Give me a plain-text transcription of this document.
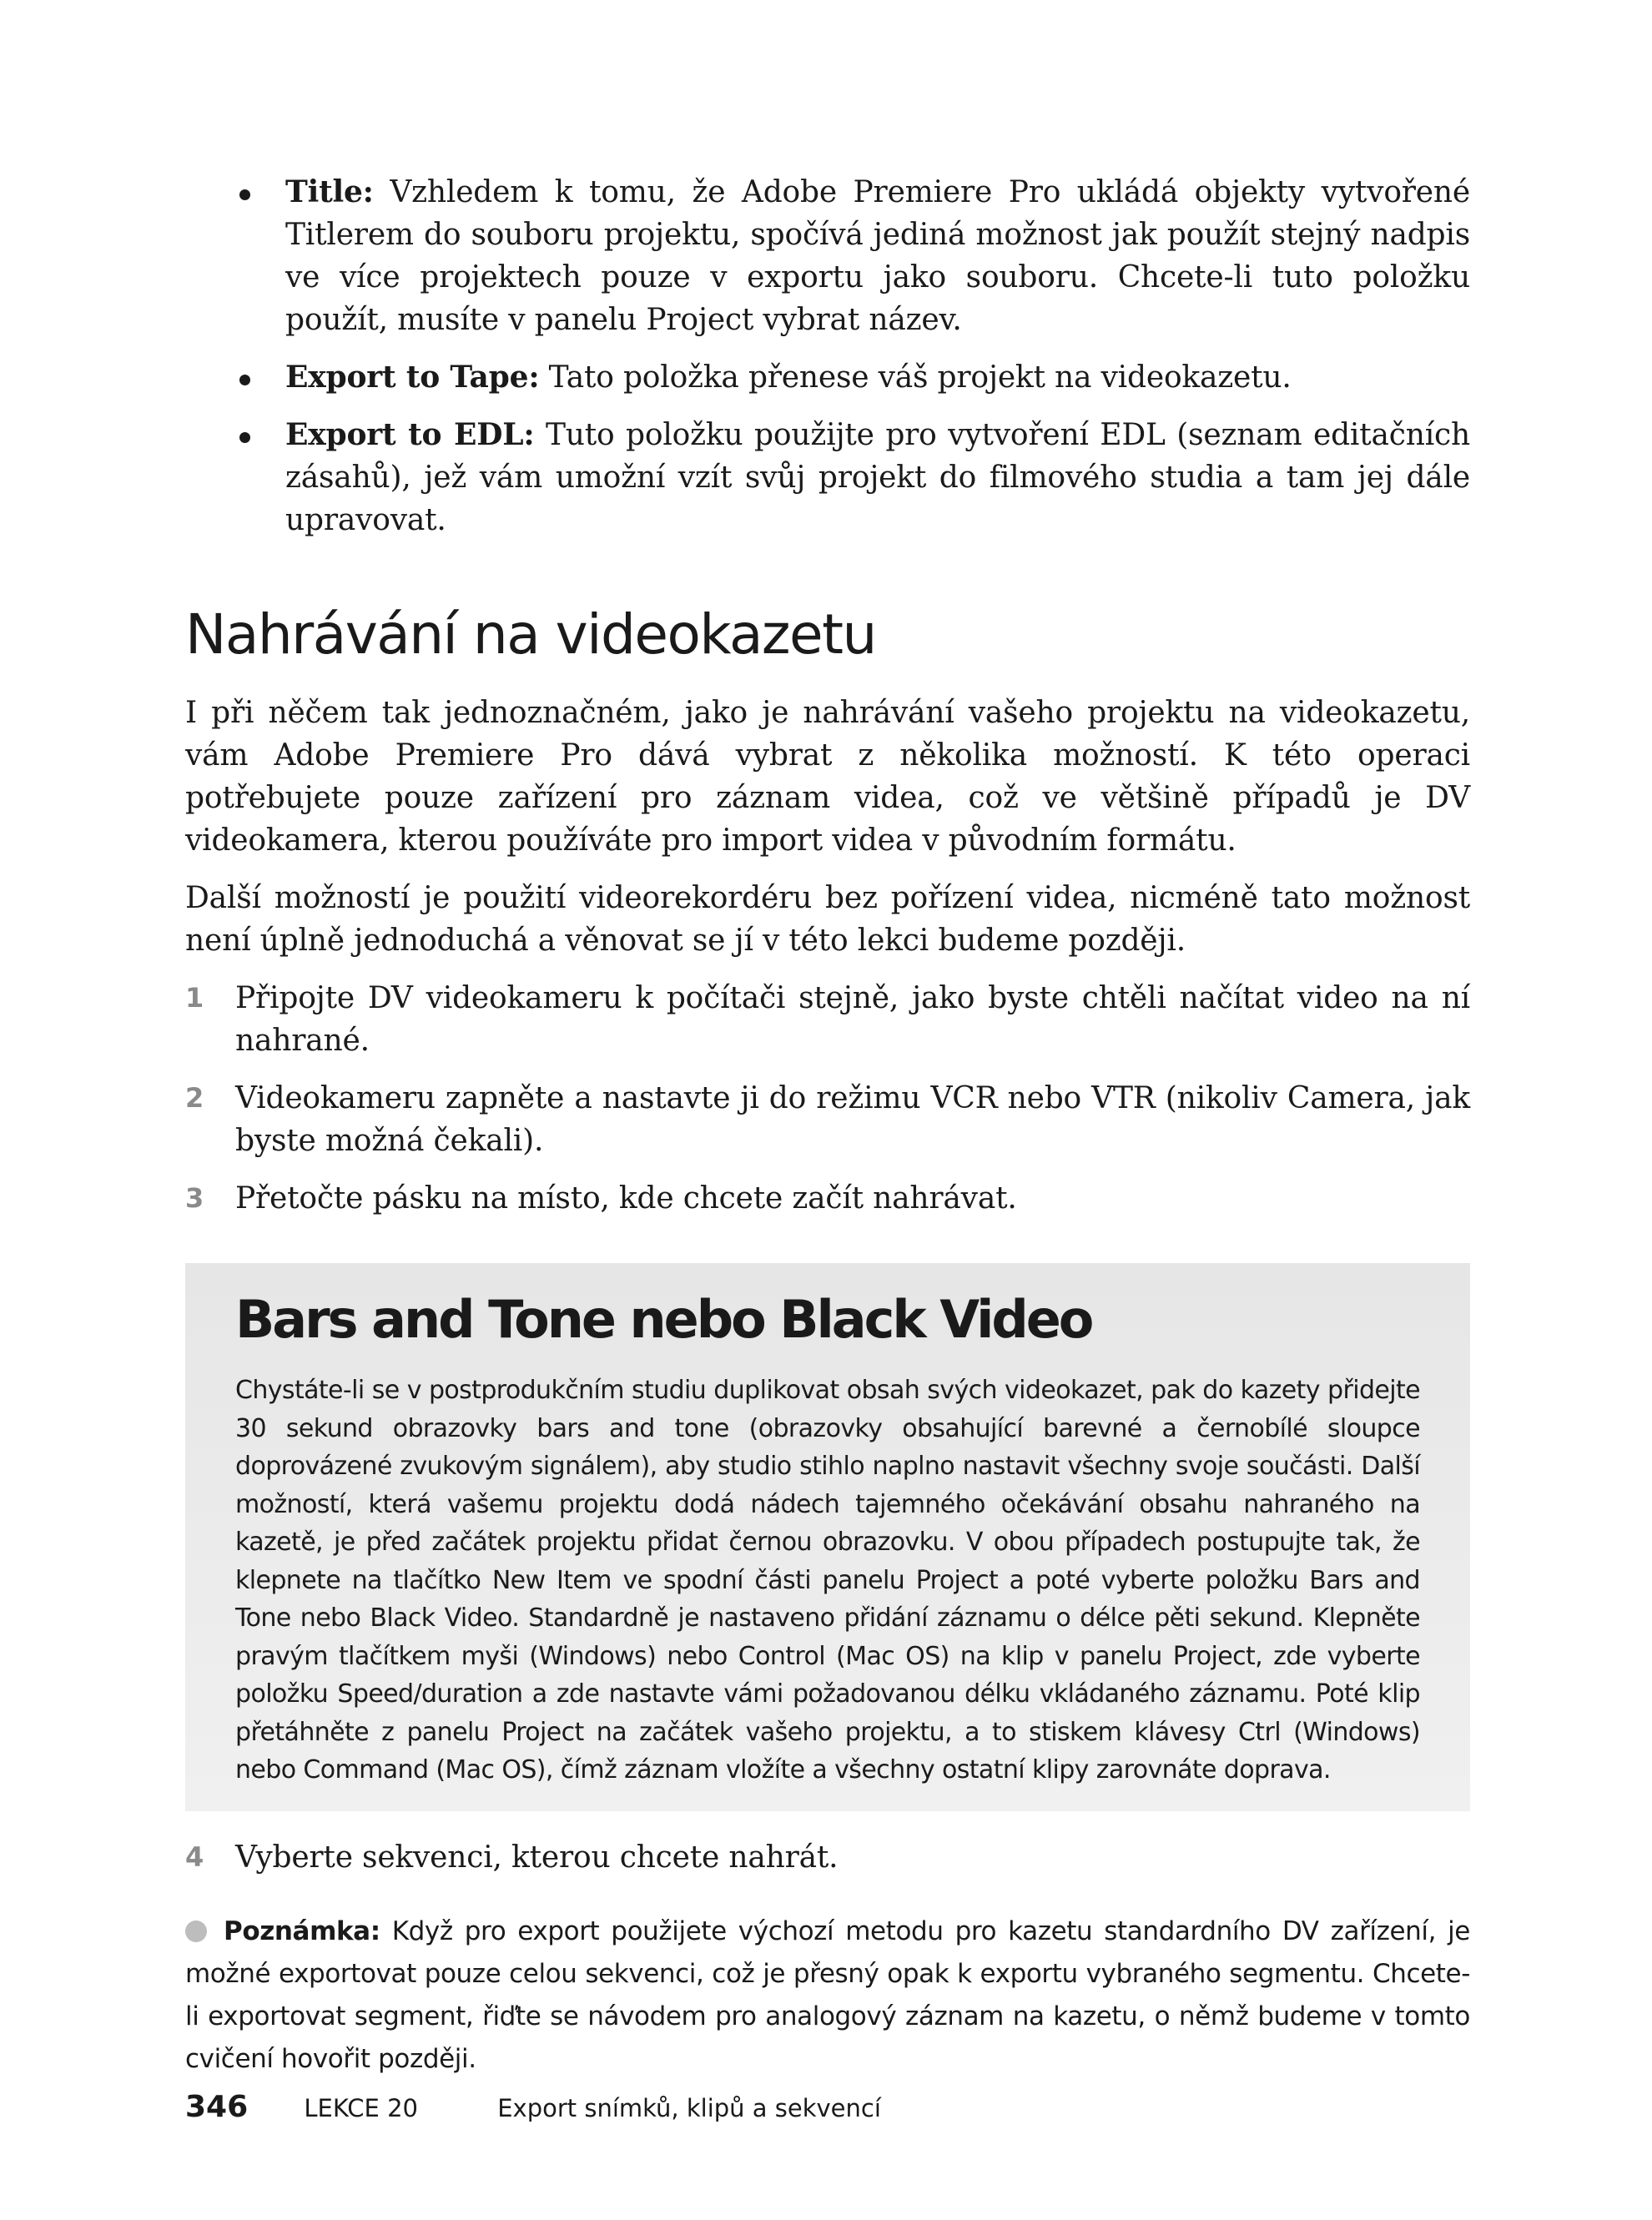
Title: Vzhledem k tomu, že Adobe Premiere Pro ukládá objekty vytvořené Titlerem do souboru projektu, spočívá jediná možnost jak použít stejný nadpis ve více projektech pouze v exportu jako souboru. Chcete-li tuto položku použít, musíte v panelu Project vybrat název.
Export to Tape: Tato položka přenese váš projekt na videokazetu.
Export to EDL: Tuto položku použijte pro vytvoření EDL (seznam editačních zásahů), jež vám umožní vzít svůj projekt do filmového studia a tam jej dále upravovat.
Nahrávání na videokazetu

I při něčem tak jednoznačném, jako je nahrávání vašeho projektu na videokazetu, vám Adobe Premiere Pro dává vybrat z několika možností. K této operaci potřebujete pouze zařízení pro záznam videa, což ve většině případů je DV videokamera, kterou používáte pro import videa v původním formátu.

Další možností je použití videorekordéru bez pořízení videa, nicméně tato možnost není úplně jednoduchá a věnovat se jí v této lekci budeme později.

1 Připojte DV videokameru k počítači stejně, jako byste chtěli načítat video na ní nahrané.
2 Videokameru zapněte a nastavte ji do režimu VCR nebo VTR (nikoliv Camera, jak byste možná čekali).
3 Přetočte pásku na místo, kde chcete začít nahrávat.
Bars and Tone nebo Black Video

Chystáte-li se v postprodukčním studiu duplikovat obsah svých videokazet, pak do kazety přidejte 30 sekund obrazovky bars and tone (obrazovky obsahující barevné a černobílé sloupce doprovázené zvukovým signálem), aby studio stihlo naplno nastavit všechny svoje součásti. Další možností, která vašemu projektu dodá nádech tajemného očekávání obsahu nahraného na kazetě, je před začátek projektu přidat černou obrazovku. V obou případech postupujte tak, že klepnete na tlačítko New Item ve spodní části panelu Project a poté vyberte položku Bars and Tone nebo Black Video. Standardně je nastaveno přidání záznamu o délce pěti sekund. Klepněte pravým tlačítkem myši (Windows) nebo Control (Mac OS) na klip v panelu Project, zde vyberte položku Speed/duration a zde nastavte vámi požadovanou délku vkládaného záznamu. Poté klip přetáhněte z panelu Project na začátek vašeho projektu, a to stiskem klávesy Ctrl (Windows) nebo Command (Mac OS), čímž záznam vložíte a všechny ostatní klipy zarovnáte doprava.

4 Vyberte sekvenci, kterou chcete nahrát.
Poznámka: Když pro export použijete výchozí metodu pro kazetu standardního DV zařízení, je možné exportovat pouze celou sekvenci, což je přesný opak k exportu vybraného segmentu. Chcete-li exportovat segment, řiďte se návodem pro analogový záznam na kazetu, o němž budeme v tomto cvičení hovořit později.
346 LEKCE 20	Export snímků, klipů a sekvencí
